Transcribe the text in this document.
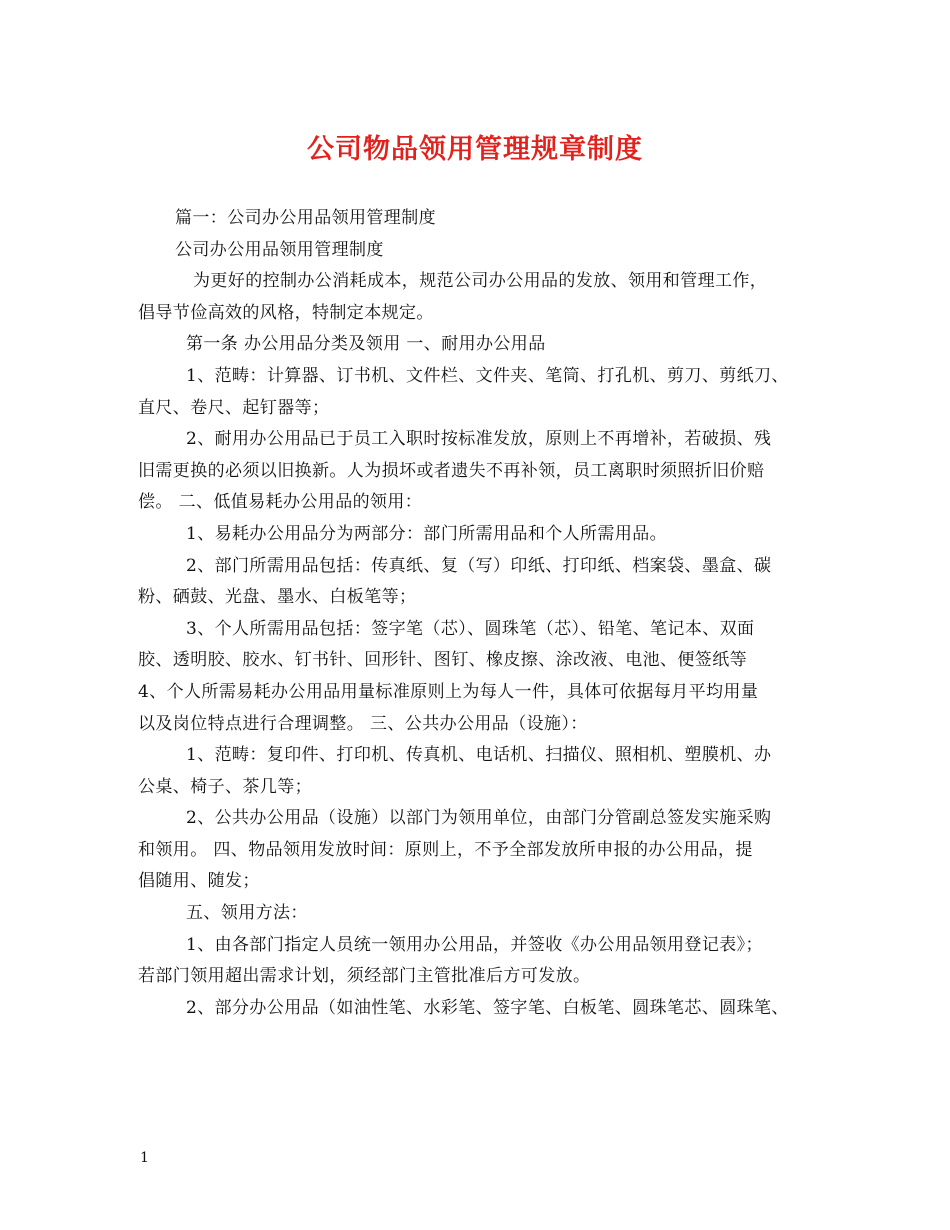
公司物品领用管理规章制度
篇一：公司办公用品领用管理制度
公司办公用品领用管理制度
为更好的控制办公消耗成本，规范公司办公用品的发放、领用和管理工作，
倡导节俭高效的风格，特制定本规定。
第一条 办公用品分类及领用 一、耐用办公用品
1、范畴：计算器、订书机、文件栏、文件夹、笔筒、打孔机、剪刀、剪纸刀、
直尺、卷尺、起钉器等；
2、耐用办公用品已于员工入职时按标准发放，原则上不再增补，若破损、残
旧需更换的必须以旧换新。人为损坏或者遗失不再补领，员工离职时须照折旧价赔
偿。 二、低值易耗办公用品的领用：
1、易耗办公用品分为两部分：部门所需用品和个人所需用品。
2、部门所需用品包括：传真纸、复（写）印纸、打印纸、档案袋、墨盒、碳
粉、硒鼓、光盘、墨水、白板笔等；
3、个人所需用品包括：签字笔（芯）、圆珠笔（芯）、铅笔、笔记本、双面
胶、透明胶、胶水、钉书针、回形针、图钉、橡皮擦、涂改液、电池、便签纸等
4、个人所需易耗办公用品用量标准原则上为每人一件，具体可依据每月平均用量
以及岗位特点进行合理调整。 三、公共办公用品（设施）：
1、范畴：复印件、打印机、传真机、电话机、扫描仪、照相机、塑膜机、办
公桌、椅子、茶几等；
2、公共办公用品（设施）以部门为领用单位，由部门分管副总签发实施采购
和领用。 四、物品领用发放时间：原则上，不予全部发放所申报的办公用品，提
倡随用、随发；
五、领用方法：
1、由各部门指定人员统一领用办公用品，并签收《办公用品领用登记表》；
若部门领用超出需求计划，须经部门主管批准后方可发放。
2、部分办公用品（如油性笔、水彩笔、签字笔、白板笔、圆珠笔芯、圆珠笔、
1
